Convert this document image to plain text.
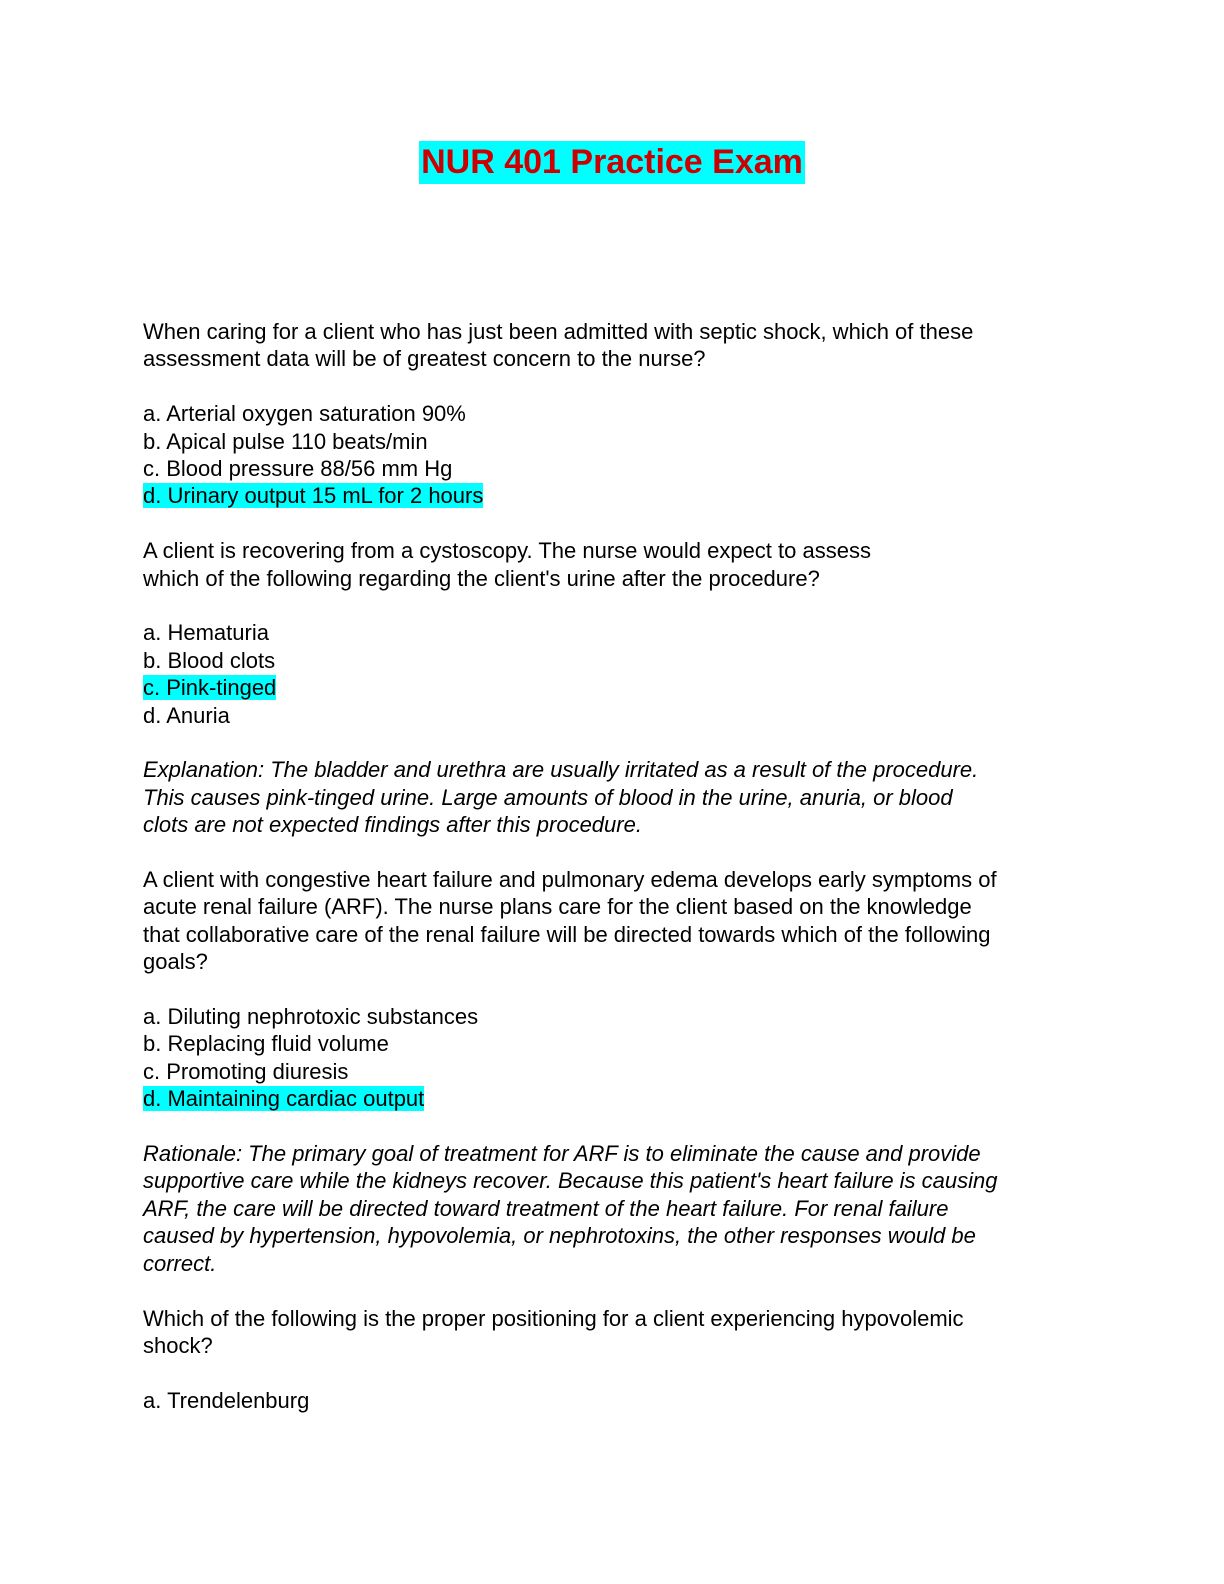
NUR 401 Practice Exam
When caring for a client who has just been admitted with septic shock, which of these
assessment data will be of greatest concern to the nurse?
a. Arterial oxygen saturation 90%
b. Apical pulse 110 beats/min
c. Blood pressure 88/56 mm Hg
d. Urinary output 15 mL for 2 hours
A client is recovering from a cystoscopy. The nurse would expect to assess
which of the following regarding the client's urine after the procedure?
a. Hematuria
b. Blood clots
c. Pink-tinged
d. Anuria
Explanation: The bladder and urethra are usually irritated as a result of the procedure.
This causes pink-tinged urine. Large amounts of blood in the urine, anuria, or blood
clots are not expected findings after this procedure.
A client with congestive heart failure and pulmonary edema develops early symptoms of
acute renal failure (ARF). The nurse plans care for the client based on the knowledge
that collaborative care of the renal failure will be directed towards which of the following
goals?
a. Diluting nephrotoxic substances
b. Replacing fluid volume
c. Promoting diuresis
d. Maintaining cardiac output
Rationale: The primary goal of treatment for ARF is to eliminate the cause and provide
supportive care while the kidneys recover. Because this patient's heart failure is causing
ARF, the care will be directed toward treatment of the heart failure. For renal failure
caused by hypertension, hypovolemia, or nephrotoxins, the other responses would be
correct.
Which of the following is the proper positioning for a client experiencing hypovolemic
shock?
a. Trendelenburg
